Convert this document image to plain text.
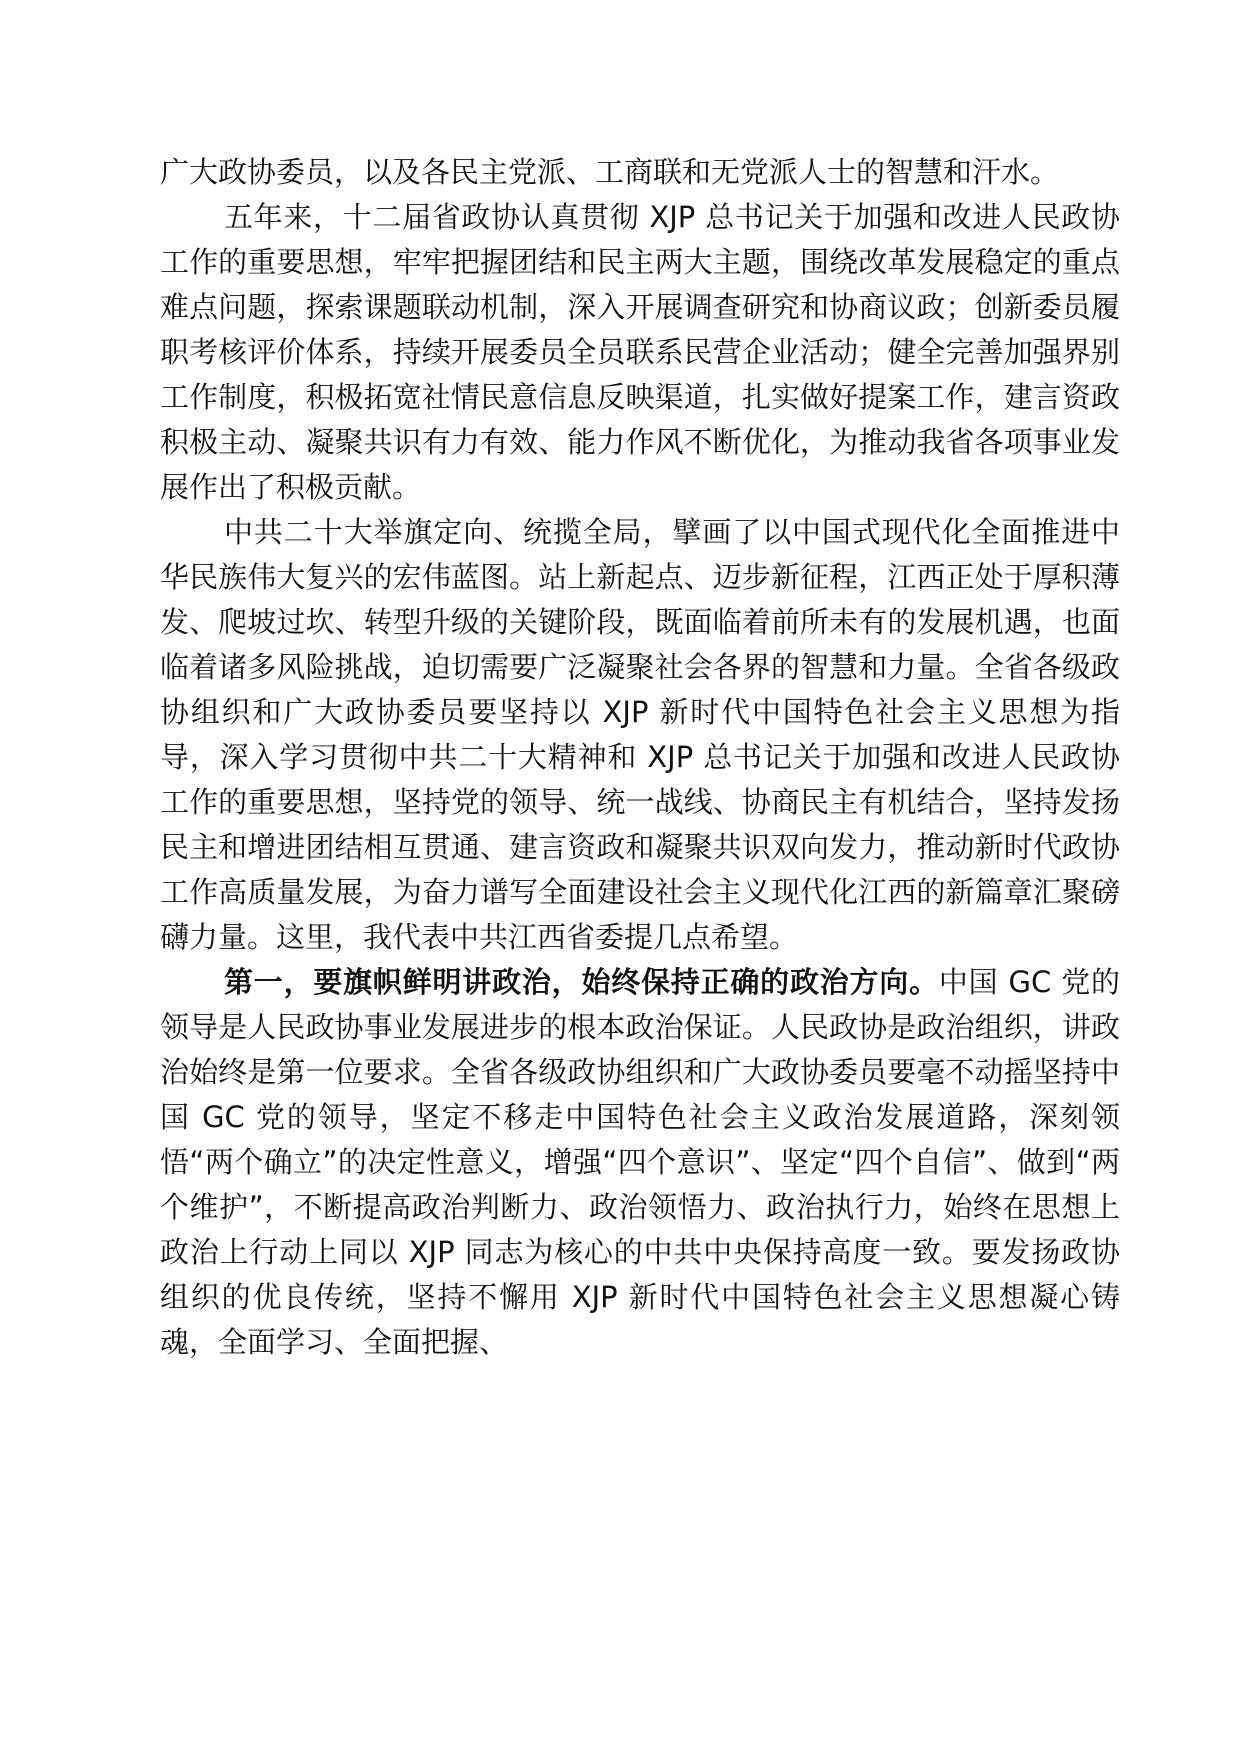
广大政协委员，以及各民主党派、工商联和无党派人士的智慧和汗水。

五年来，十二届省政协认真贯彻 XJP 总书记关于加强和改进人民政协工作的重要思想，牢牢把握团结和民主两大主题，围绕改革发展稳定的重点难点问题，探索课题联动机制，深入开展调查研究和协商议政；创新委员履职考核评价体系，持续开展委员全员联系民营企业活动；健全完善加强界别工作制度，积极拓宽社情民意信息反映渠道，扎实做好提案工作，建言资政积极主动、凝聚共识有力有效、能力作风不断优化，为推动我省各项事业发展作出了积极贡献。

中共二十大举旗定向、统揽全局，擘画了以中国式现代化全面推进中华民族伟大复兴的宏伟蓝图。站上新起点、迈步新征程，江西正处于厚积薄发、爬坡过坎、转型升级的关键阶段，既面临着前所未有的发展机遇，也面临着诸多风险挑战，迫切需要广泛凝聚社会各界的智慧和力量。全省各级政协组织和广大政协委员要坚持以 XJP 新时代中国特色社会主义思想为指导，深入学习贯彻中共二十大精神和 XJP 总书记关于加强和改进人民政协工作的重要思想，坚持党的领导、统一战线、协商民主有机结合，坚持发扬民主和增进团结相互贯通、建言资政和凝聚共识双向发力，推动新时代政协工作高质量发展，为奋力谱写全面建设社会主义现代化江西的新篇章汇聚磅礴力量。这里，我代表中共江西省委提几点希望。

第一，要旗帜鲜明讲政治，始终保持正确的政治方向。中国 GC 党的领导是人民政协事业发展进步的根本政治保证。人民政协是政治组织，讲政治始终是第一位要求。全省各级政协组织和广大政协委员要毫不动摇坚持中国 GC 党的领导，坚定不移走中国特色社会主义政治发展道路，深刻领悟“两个确立”的决定性意义，增强“四个意识”、坚定“四个自信”、做到“两个维护”，不断提高政治判断力、政治领悟力、政治执行力，始终在思想上政治上行动上同以 XJP 同志为核心的中共中央保持高度一致。要发扬政协组织的优良传统，坚持不懈用 XJP 新时代中国特色社会主义思想凝心铸魂，全面学习、全面把握、
